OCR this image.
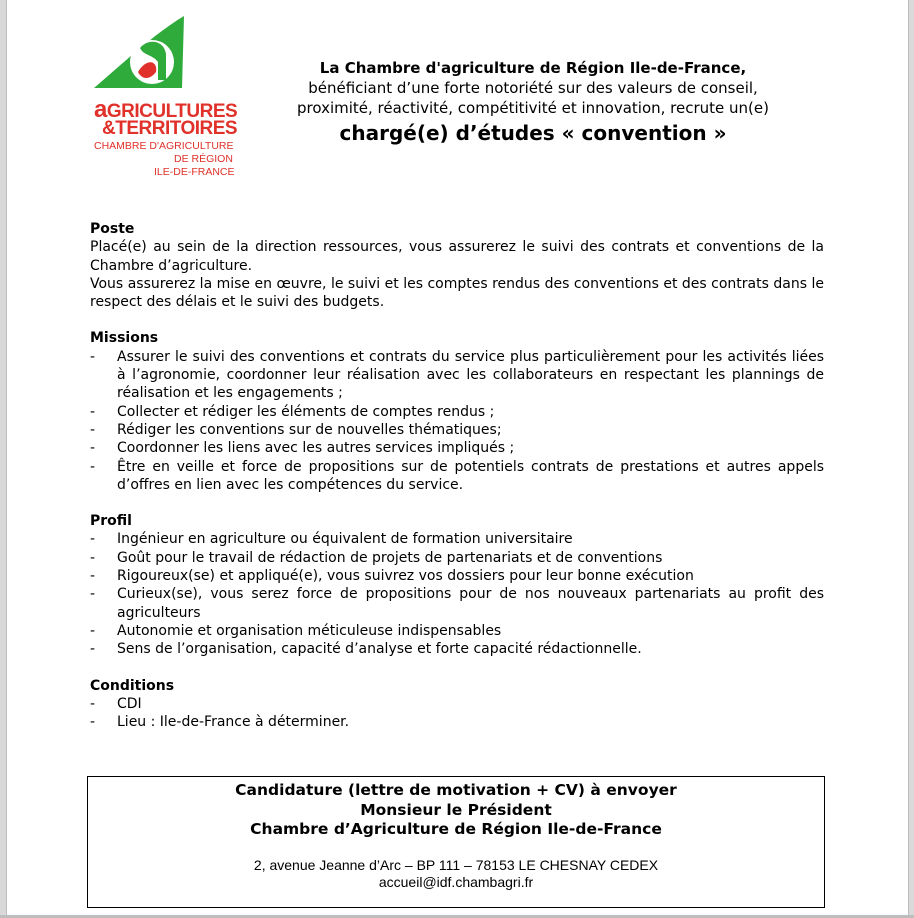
aGRICULTURES
&TERRITOIRES
CHAMBRE D'AGRICULTURE
DE RÉGION
ILE-DE-FRANCE
La Chambre d'agriculture de Région Ile-de-France,
bénéficiant d’une forte notoriété sur des valeurs de conseil,
proximité, réactivité, compétitivité et innovation, recrute un(e)
chargé(e) d’études « convention »
Poste
Placé(e) au sein de la direction ressources, vous assurerez le suivi des contrats et conventions de la Chambre d’agriculture.
Vous assurerez la mise en œuvre, le suivi et les comptes rendus des conventions et des contrats dans le respect des délais et le suivi des budgets.
Missions
- Assurer le suivi des conventions et contrats du service plus particulièrement pour les activités liées à l’agronomie, coordonner leur réalisation avec les collaborateurs en respectant les plannings de réalisation et les engagements ;
- Collecter et rédiger les éléments de comptes rendus ;
- Rédiger les conventions sur de nouvelles thématiques;
- Coordonner les liens avec les autres services impliqués ;
- Être en veille et force de propositions sur de potentiels contrats de prestations et autres appels d’offres en lien avec les compétences du service.
Profil
- Ingénieur en agriculture ou équivalent de formation universitaire
- Goût pour le travail de rédaction de projets de partenariats et de conventions
- Rigoureux(se) et appliqué(e), vous suivrez vos dossiers pour leur bonne exécution
- Curieux(se), vous serez force de propositions pour de nos nouveaux partenariats au profit des agriculteurs
- Autonomie et organisation méticuleuse indispensables
- Sens de l’organisation, capacité d’analyse et forte capacité rédactionnelle.
Conditions
- CDI
- Lieu : Ile-de-France à déterminer.
Candidature (lettre de motivation + CV) à envoyer
Monsieur le Président
Chambre d’Agriculture de Région Ile-de-France
2, avenue Jeanne d’Arc – BP 111 – 78153 LE CHESNAY CEDEX
accueil@idf.chambagri.fr
